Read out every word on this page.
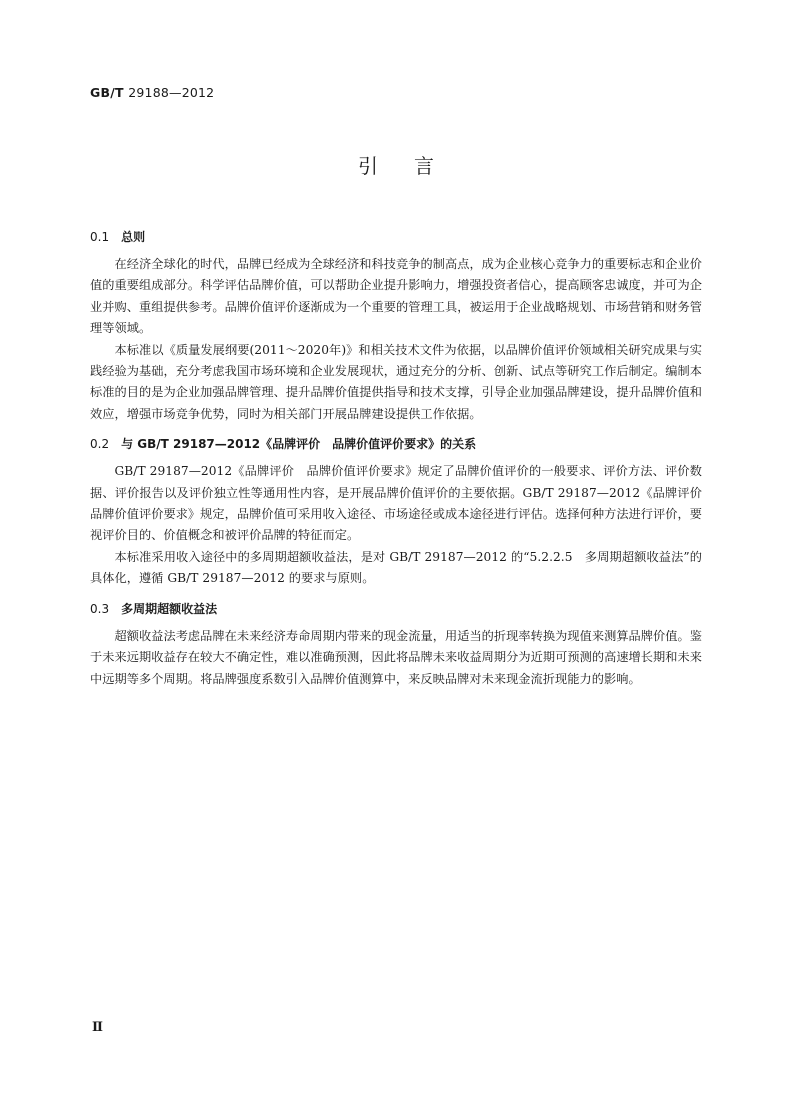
GB/T 29188—2012
引言
0.1 总则

在经济全球化的时代，品牌已经成为全球经济和科技竞争的制高点，成为企业核心竞争力的重要标志和企业价值的重要组成部分。科学评估品牌价值，可以帮助企业提升影响力，增强投资者信心，提高顾客忠诚度，并可为企业并购、重组提供参考。品牌价值评价逐渐成为一个重要的管理工具，被运用于企业战略规划、市场营销和财务管理等领域。

本标准以《质量发展纲要(2011～2020年)》和相关技术文件为依据，以品牌价值评价领域相关研究成果与实践经验为基础，充分考虑我国市场环境和企业发展现状，通过充分的分析、创新、试点等研究工作后制定。编制本标准的目的是为企业加强品牌管理、提升品牌价值提供指导和技术支撑，引导企业加强品牌建设，提升品牌价值和效应，增强市场竞争优势，同时为相关部门开展品牌建设提供工作依据。

0.2 与 GB/T 29187—2012《品牌评价　品牌价值评价要求》的关系

GB/T 29187—2012《品牌评价　品牌价值评价要求》规定了品牌价值评价的一般要求、评价方法、评价数据、评价报告以及评价独立性等通用性内容，是开展品牌价值评价的主要依据。GB/T 29187—2012《品牌评价　品牌价值评价要求》规定，品牌价值可采用收入途径、市场途径或成本途径进行评估。选择何种方法进行评价，要视评价目的、价值概念和被评价品牌的特征而定。

本标准采用收入途径中的多周期超额收益法，是对 GB/T 29187—2012 的“5.2.2.5　多周期超额收益法”的具体化，遵循 GB/T 29187—2012 的要求与原则。

0.3 多周期超额收益法

超额收益法考虑品牌在未来经济寿命周期内带来的现金流量，用适当的折现率转换为现值来测算品牌价值。鉴于未来远期收益存在较大不确定性，难以准确预测，因此将品牌未来收益周期分为近期可预测的高速增长期和未来中远期等多个周期。将品牌强度系数引入品牌价值测算中，来反映品牌对未来现金流折现能力的影响。

Ⅱ
